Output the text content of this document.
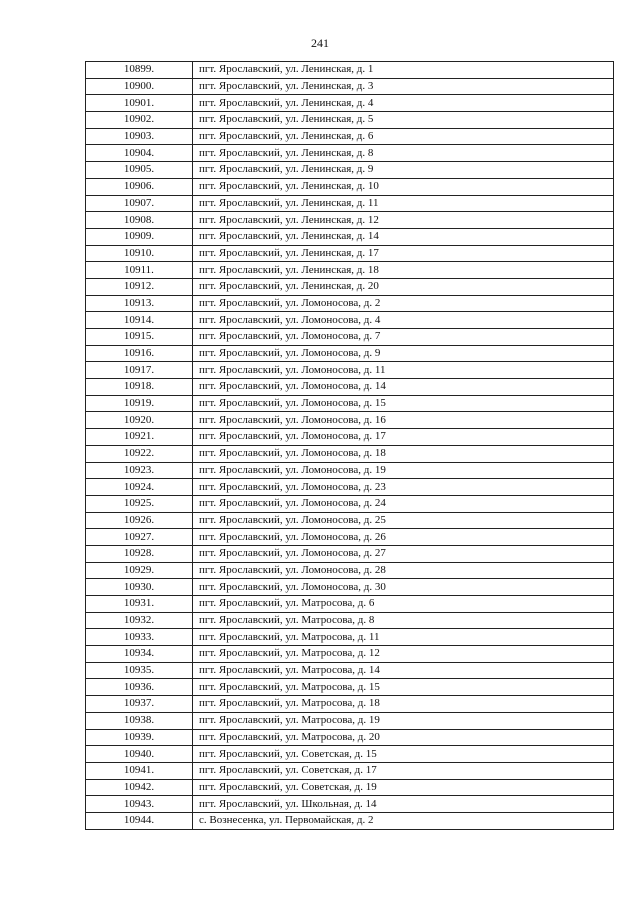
241
10899.	пгт. Ярославский, ул. Ленинская, д. 1
10900.	пгт. Ярославский, ул. Ленинская, д. 3
10901.	пгт. Ярославский, ул. Ленинская, д. 4
10902.	пгт. Ярославский, ул. Ленинская, д. 5
10903.	пгт. Ярославский, ул. Ленинская, д. 6
10904.	пгт. Ярославский, ул. Ленинская, д. 8
10905.	пгт. Ярославский, ул. Ленинская, д. 9
10906.	пгт. Ярославский, ул. Ленинская, д. 10
10907.	пгт. Ярославский, ул. Ленинская, д. 11
10908.	пгт. Ярославский, ул. Ленинская, д. 12
10909.	пгт. Ярославский, ул. Ленинская, д. 14
10910.	пгт. Ярославский, ул. Ленинская, д. 17
10911.	пгт. Ярославский, ул. Ленинская, д. 18
10912.	пгт. Ярославский, ул. Ленинская, д. 20
10913.	пгт. Ярославский, ул. Ломоносова, д. 2
10914.	пгт. Ярославский, ул. Ломоносова, д. 4
10915.	пгт. Ярославский, ул. Ломоносова, д. 7
10916.	пгт. Ярославский, ул. Ломоносова, д. 9
10917.	пгт. Ярославский, ул. Ломоносова, д. 11
10918.	пгт. Ярославский, ул. Ломоносова, д. 14
10919.	пгт. Ярославский, ул. Ломоносова, д. 15
10920.	пгт. Ярославский, ул. Ломоносова, д. 16
10921.	пгт. Ярославский, ул. Ломоносова, д. 17
10922.	пгт. Ярославский, ул. Ломоносова, д. 18
10923.	пгт. Ярославский, ул. Ломоносова, д. 19
10924.	пгт. Ярославский, ул. Ломоносова, д. 23
10925.	пгт. Ярославский, ул. Ломоносова, д. 24
10926.	пгт. Ярославский, ул. Ломоносова, д. 25
10927.	пгт. Ярославский, ул. Ломоносова, д. 26
10928.	пгт. Ярославский, ул. Ломоносова, д. 27
10929.	пгт. Ярославский, ул. Ломоносова, д. 28
10930.	пгт. Ярославский, ул. Ломоносова, д. 30
10931.	пгт. Ярославский, ул. Матросова, д. 6
10932.	пгт. Ярославский, ул. Матросова, д. 8
10933.	пгт. Ярославский, ул. Матросова, д. 11
10934.	пгт. Ярославский, ул. Матросова, д. 12
10935.	пгт. Ярославский, ул. Матросова, д. 14
10936.	пгт. Ярославский, ул. Матросова, д. 15
10937.	пгт. Ярославский, ул. Матросова, д. 18
10938.	пгт. Ярославский, ул. Матросова, д. 19
10939.	пгт. Ярославский, ул. Матросова, д. 20
10940.	пгт. Ярославский, ул. Советская, д. 15
10941.	пгт. Ярославский, ул. Советская, д. 17
10942.	пгт. Ярославский, ул. Советская, д. 19
10943.	пгт. Ярославский, ул. Школьная, д. 14
10944.	с. Вознесенка, ул. Первомайская, д. 2
